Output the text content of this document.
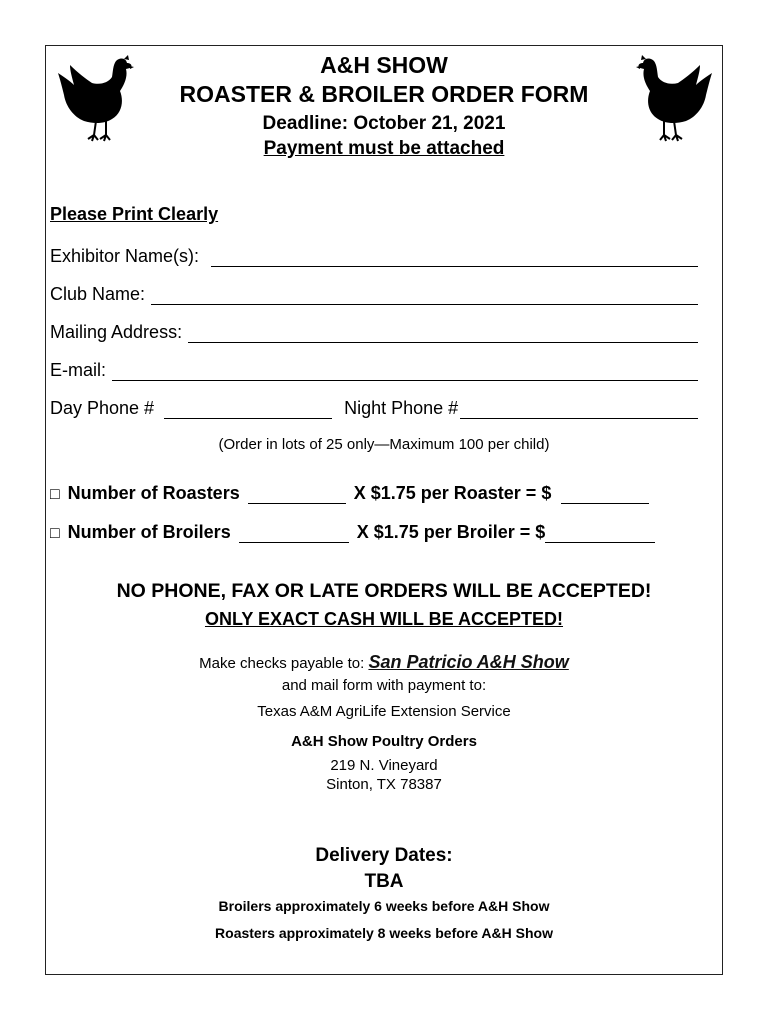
A&H SHOW
ROASTER & BROILER ORDER FORM
Deadline: October 21, 2021
Payment must be attached
Please Print Clearly
Exhibitor Name(s):
Club Name:
Mailing Address:
E-mail:
Day Phone #	Night Phone #
(Order in lots of 25 only—Maximum 100 per child)
□ Number of Roasters	X $1.75 per Roaster = $
□ Number of Broilers	X $1.75 per Broiler = $
NO PHONE, FAX OR LATE ORDERS WILL BE ACCEPTED!
ONLY EXACT CASH WILL BE ACCEPTED!
Make checks payable to: San Patricio A&H Show
and mail form with payment to:
Texas A&M AgriLife Extension Service
A&H Show Poultry Orders
219 N. Vineyard
Sinton, TX 78387
Delivery Dates:
TBA
Broilers approximately 6 weeks before A&H Show
Roasters approximately 8 weeks before A&H Show
